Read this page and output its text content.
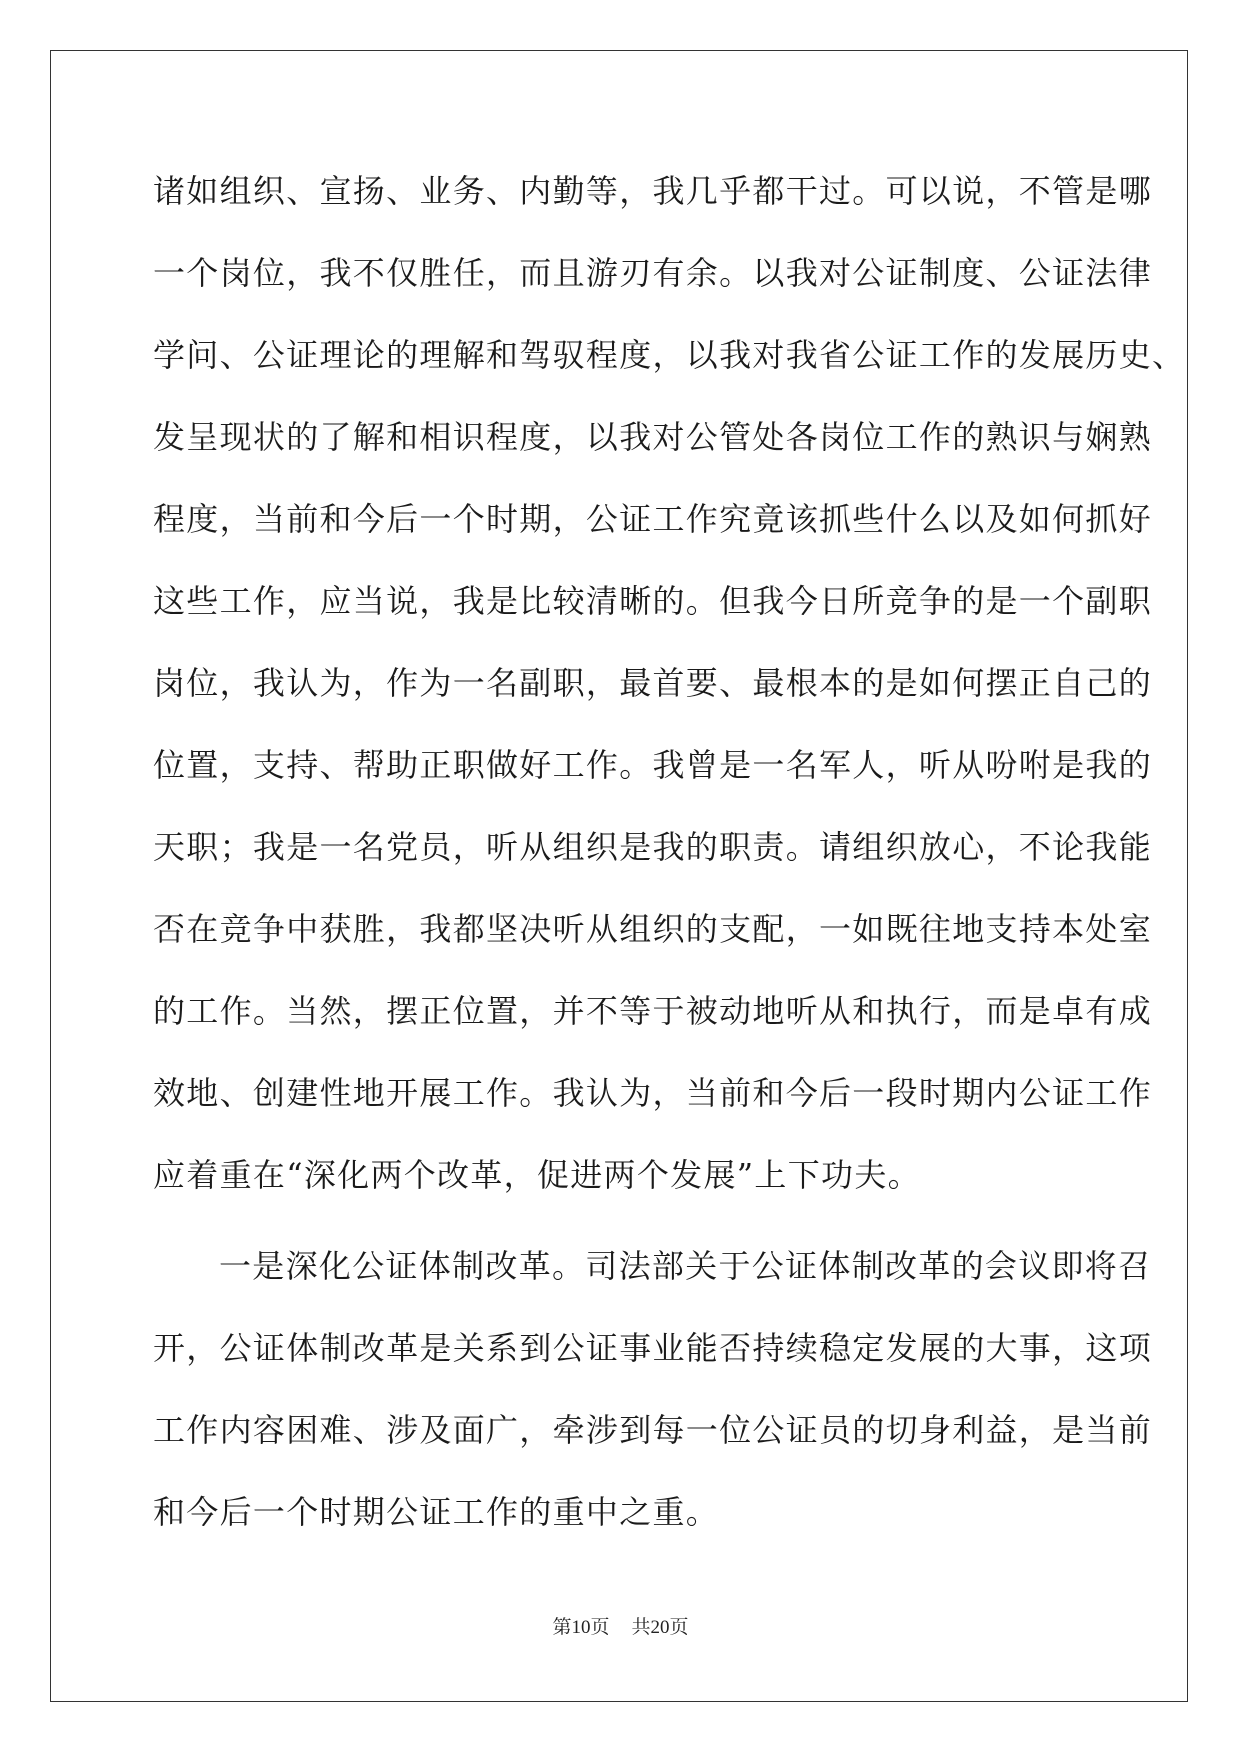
诸如组织、宣扬、业务、内勤等，我几乎都干过。可以说，不管是哪
一个岗位，我不仅胜任，而且游刃有余。以我对公证制度、公证法律
学问、公证理论的理解和驾驭程度，以我对我省公证工作的发展历史、
发呈现状的了解和相识程度，以我对公管处各岗位工作的熟识与娴熟
程度，当前和今后一个时期，公证工作究竟该抓些什么以及如何抓好
这些工作，应当说，我是比较清晰的。但我今日所竞争的是一个副职
岗位，我认为，作为一名副职，最首要、最根本的是如何摆正自己的
位置，支持、帮助正职做好工作。我曾是一名军人，听从吩咐是我的
天职；我是一名党员，听从组织是我的职责。请组织放心，不论我能
否在竞争中获胜，我都坚决听从组织的支配，一如既往地支持本处室
的工作。当然，摆正位置，并不等于被动地听从和执行，而是卓有成
效地、创建性地开展工作。我认为，当前和今后一段时期内公证工作
应着重在“深化两个改革，促进两个发展”上下功夫。
一是深化公证体制改革。司法部关于公证体制改革的会议即将召
开，公证体制改革是关系到公证事业能否持续稳定发展的大事，这项
工作内容困难、涉及面广，牵涉到每一位公证员的切身利益，是当前
和今后一个时期公证工作的重中之重。
第10页 共20页
